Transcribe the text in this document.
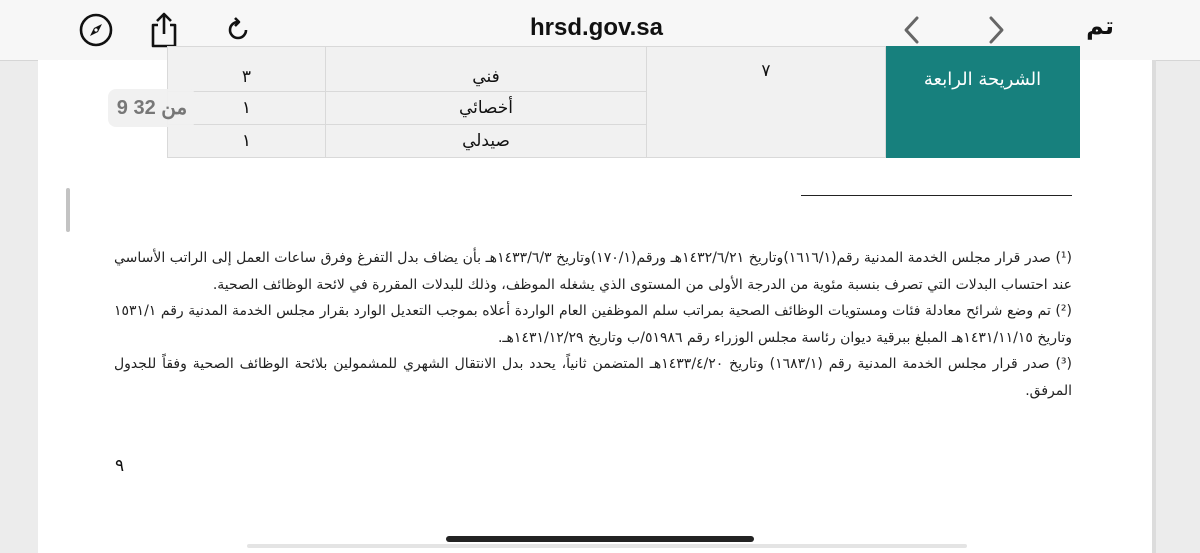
hrsd.gov.sa	تم
٣	فني	٧	الشريحة الرابعة

١	أخصائي		
١	صيدلي		
9 من 32

(¹) صدر قرار مجلس الخدمة المدنية رقم(١٦١٦/١)وتاريخ ١٤٣٢/٦/٢١هـ ورقم(١٧٠/١)وتاريخ ١٤٣٣/٦/٣هـ بأن يضاف بدل التفرغ وفرق ساعات العمل إلى الراتب الأساسي عند احتساب البدلات التي تصرف بنسبة مئوية من الدرجة الأولى من المستوى الذي يشغله الموظف، وذلك للبدلات المقررة في لائحة الوظائف الصحية.

(²) تم وضع شرائح معادلة فئات ومستويات الوظائف الصحية بمراتب سلم الموظفين العام الواردة أعلاه بموجب التعديل الوارد بقرار مجلس الخدمة المدنية رقم ١٥٣١/١ وتاريخ ١٤٣١/١١/١٥هـ المبلغ ببرقية ديوان رئاسة مجلس الوزراء رقم ٥١٩٨٦/ب وتاريخ ١٤٣١/١٢/٢٩هـ.

(³) صدر قرار مجلس الخدمة المدنية رقم (١٦٨٣/١) وتاريخ ١٤٣٣/٤/٢٠هـ المتضمن ثانياً، يحدد بدل الانتقال الشهري للمشمولين بلائحة الوظائف الصحية وفقاً للجدول المرفق.

٩
